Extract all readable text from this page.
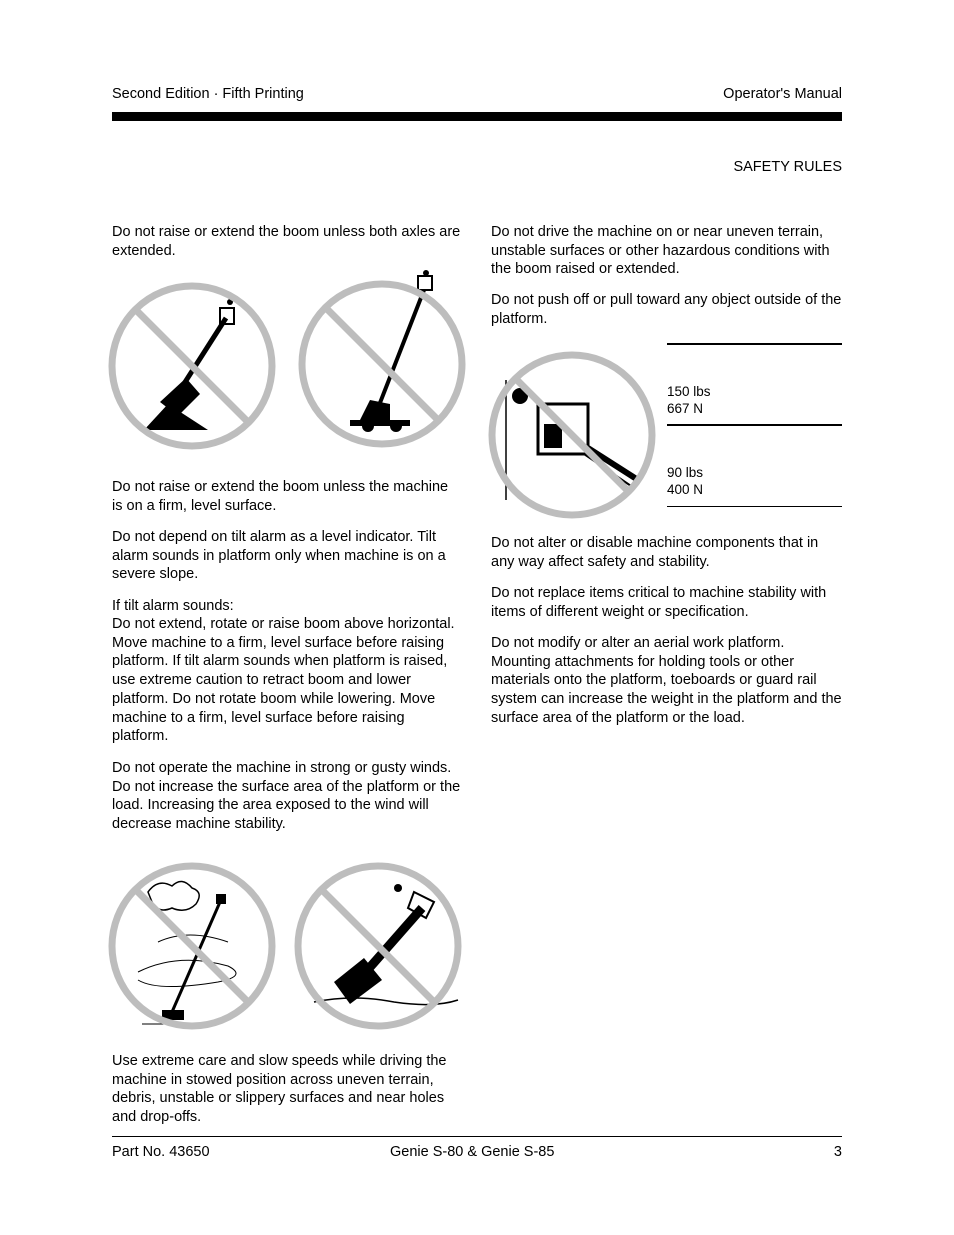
Second Edition · Fifth Printing	Operator's Manual
SAFETY RULES

Do not raise or extend the boom unless both axles are extended.

Do not raise or extend the boom unless the machine is on a firm, level surface.

Do not depend on tilt alarm as a level indicator. Tilt alarm sounds in platform only when machine is on a severe slope.

If tilt alarm sounds:

Do not extend, rotate or raise boom above horizontal. Move machine to a firm, level surface before raising platform. If tilt alarm sounds when platform is raised, use extreme caution to retract boom and lower platform. Do not rotate boom while lowering. Move machine to a firm, level surface before raising platform.

Do not operate the machine in strong or gusty winds. Do not increase the surface area of the platform or the load. Increasing the area exposed to the wind will decrease machine stability.

Use extreme care and slow speeds while driving the machine in stowed position across uneven terrain, debris, unstable or slippery surfaces and near holes and drop-offs.

Do not drive the machine on or near uneven terrain, unstable surfaces or other hazardous conditions with the boom raised or extended.

Do not push off or pull toward any object outside of the platform.

150 lbs
667 N
90 lbs
400 N

Do not alter or disable machine components that in any way affect safety and stability.

Do not replace items critical to machine stability with items of different weight or specification.

Do not modify or alter an aerial work platform. Mounting attachments for holding tools or other materials onto the platform, toeboards or guard rail system can increase the weight in the platform and the surface area of the platform or the load.

Part No. 43650	Genie S-80 & Genie S-85	3
